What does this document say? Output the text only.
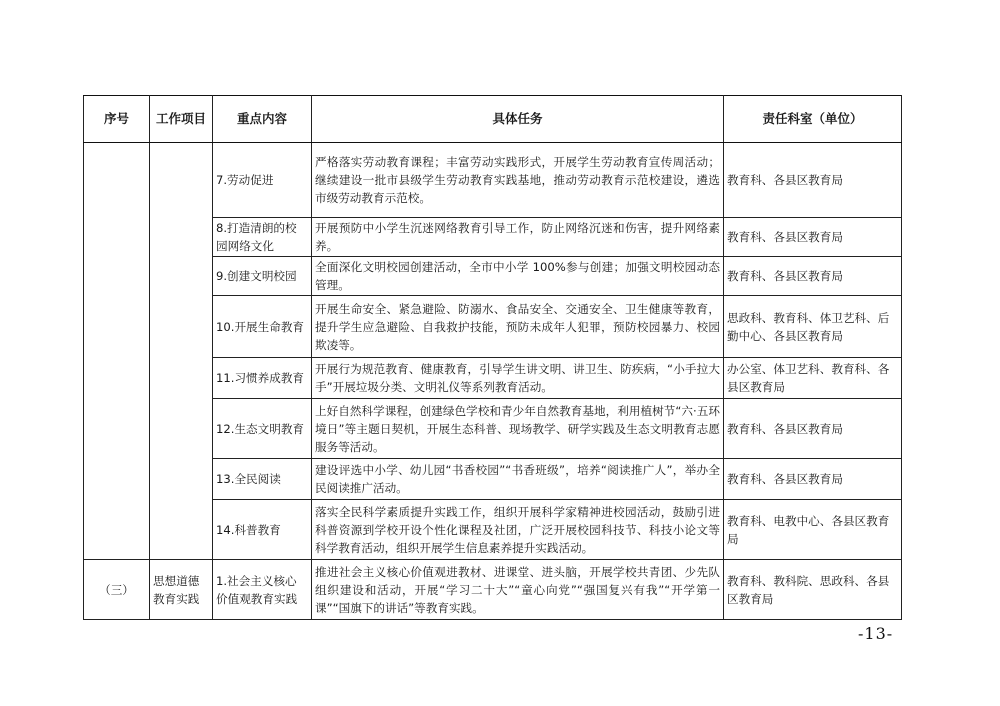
序号	工作项目	重点内容	具体任务	责任科室（单位）
		7.劳动促进	严格落实劳动教育课程；丰富劳动实践形式，开展学生劳动教育宣传周活动；继续建设一批市县级学生劳动教育实践基地，推动劳动教育示范校建设，遴选市级劳动教育示范校。	教育科、各县区教育局
		8.打造清朗的校园网络文化	开展预防中小学生沉迷网络教育引导工作，防止网络沉迷和伤害，提升网络素养。	教育科、各县区教育局
		9.创建文明校园	全面深化文明校园创建活动，全市中小学 100%参与创建；加强文明校园动态管理。	教育科、各县区教育局
		10.开展生命教育	开展生命安全、紧急避险、防溺水、食品安全、交通安全、卫生健康等教育，提升学生应急避险、自我救护技能，预防未成年人犯罪，预防校园暴力、校园欺凌等。	思政科、教育科、体卫艺科、后勤中心、各县区教育局
		11.习惯养成教育	开展行为规范教育、健康教育，引导学生讲文明、讲卫生、防疾病，“小手拉大手”开展垃圾分类、文明礼仪等系列教育活动。	办公室、体卫艺科、教育科、各县区教育局
		12.生态文明教育	上好自然科学课程，创建绿色学校和青少年自然教育基地，利用植树节“六·五环境日”等主题日契机，开展生态科普、现场教学、研学实践及生态文明教育志愿服务等活动。	教育科、各县区教育局
		13.全民阅读	建设评选中小学、幼儿园“书香校园”“书香班级”，培养“阅读推广人”，举办全民阅读推广活动。	教育科、各县区教育局
		14.科普教育	落实全民科学素质提升实践工作，组织开展科学家精神进校园活动，鼓励引进科普资源到学校开设个性化课程及社团，广泛开展校园科技节、科技小论文等科学教育活动，组织开展学生信息素养提升实践活动。	教育科、电教中心、各县区教育局
（三）	思想道德教育实践	1.社会主义核心价值观教育实践	推进社会主义核心价值观进教材、进课堂、进头脑，开展学校共青团、少先队组织建设和活动，开展“学习二十大”“童心向党”“强国复兴有我”“开学第一课”“国旗下的讲话”等教育实践。	教育科、教科院、思政科、各县区教育局
-13-
